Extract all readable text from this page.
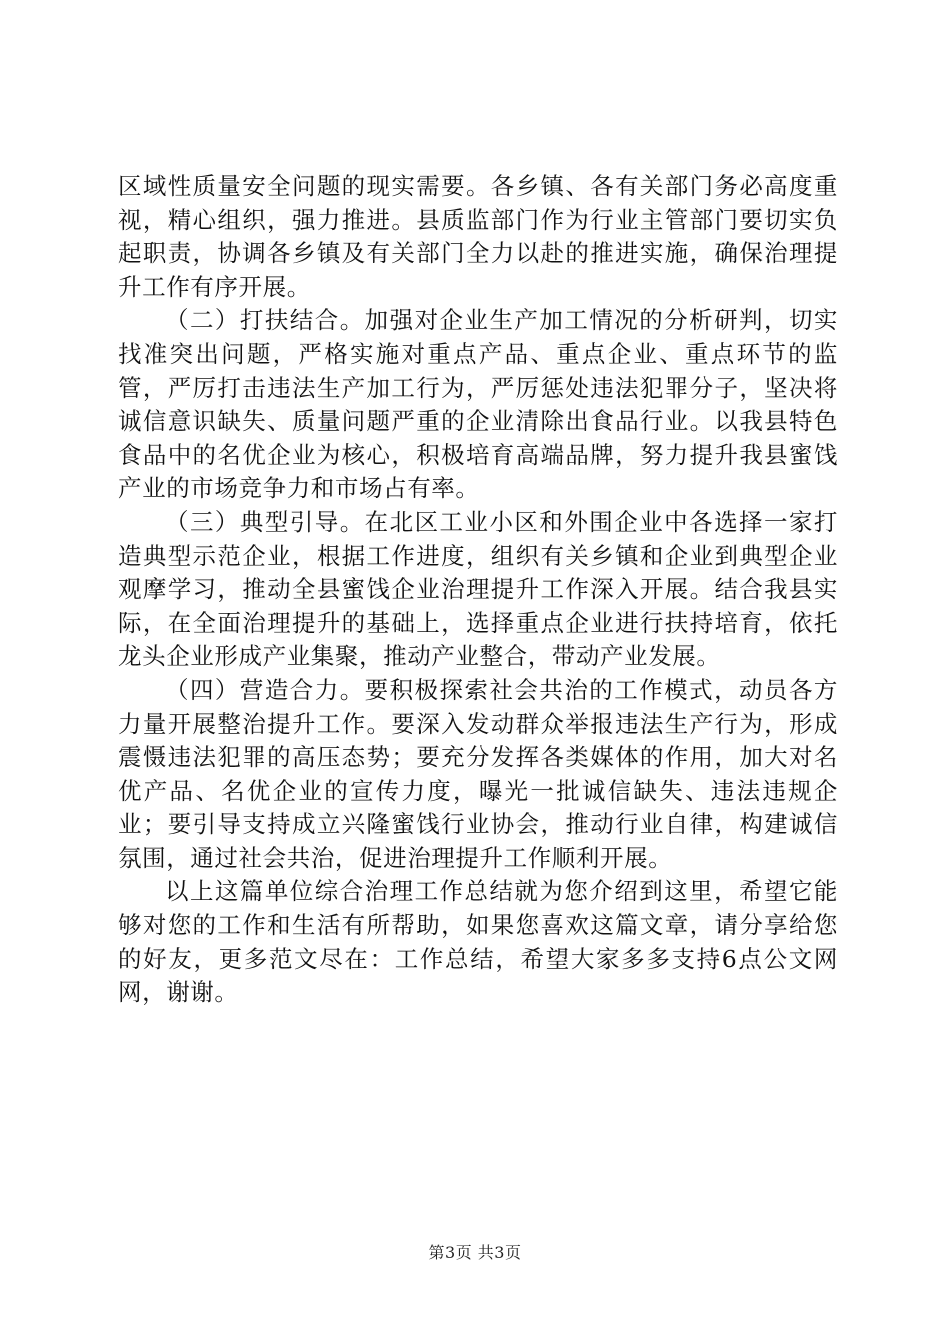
区域性质量安全问题的现实需要。各乡镇、各有关部门务必高度重视，精心组织，强力推进。县质监部门作为行业主管部门要切实负起职责，协调各乡镇及有关部门全力以赴的推进实施，确保治理提升工作有序开展。

（二）打扶结合。加强对企业生产加工情况的分析研判，切实找准突出问题，严格实施对重点产品、重点企业、重点环节的监管，严厉打击违法生产加工行为，严厉惩处违法犯罪分子，坚决将诚信意识缺失、质量问题严重的企业清除出食品行业。以我县特色食品中的名优企业为核心，积极培育高端品牌，努力提升我县蜜饯产业的市场竞争力和市场占有率。

（三）典型引导。在北区工业小区和外围企业中各选择一家打造典型示范企业，根据工作进度，组织有关乡镇和企业到典型企业观摩学习，推动全县蜜饯企业治理提升工作深入开展。结合我县实际，在全面治理提升的基础上，选择重点企业进行扶持培育，依托龙头企业形成产业集聚，推动产业整合，带动产业发展。

（四）营造合力。要积极探索社会共治的工作模式，动员各方力量开展整治提升工作。要深入发动群众举报违法生产行为，形成震慑违法犯罪的高压态势；要充分发挥各类媒体的作用，加大对名优产品、名优企业的宣传力度，曝光一批诚信缺失、违法违规企业；要引导支持成立兴隆蜜饯行业协会，推动行业自律，构建诚信氛围，通过社会共治，促进治理提升工作顺利开展。

以上这篇单位综合治理工作总结就为您介绍到这里，希望它能够对您的工作和生活有所帮助，如果您喜欢这篇文章，请分享给您的好友，更多范文尽在：工作总结，希望大家多多支持6点公文网网，谢谢。

第3页 共3页
